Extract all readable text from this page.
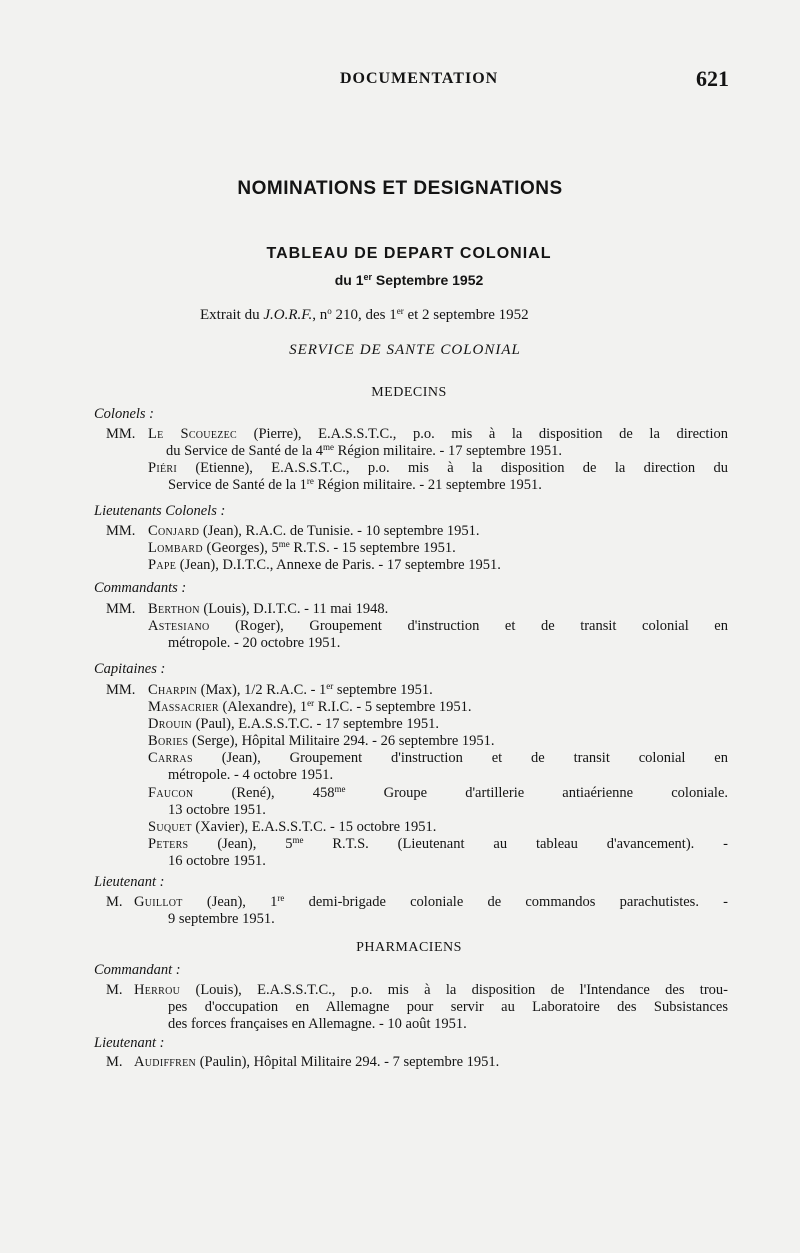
DOCUMENTATION	621
NOMINATIONS ET DESIGNATIONS
TABLEAU DE DEPART COLONIAL
du 1er Septembre 1952
Extrait du J.O.R.F., $n^o$ 210, des 1er et 2 septembre 1952
SERVICE DE SANTE COLONIAL
MEDECINS
Colonels :
MM. Le Scouezec (Pierre), E.A.S.S.T.C., p.o. mis à la disposition de la direction
du Service de Santé de la $4^{me}$ Région militaire. - 17 septembre 1951.
Piéri (Etienne), E.A.S.S.T.C., p.o. mis à la disposition de la direction du
Service de Santé de la 1re Région militaire. - 21 septembre 1951.
Lieutenants Colonels :
MM. Conjard (Jean), R.A.C. de Tunisie. - 10 septembre 1951.
Lombard (Georges), $5^{me}$ R.T.S. - 15 septembre 1951.
Pape (Jean), D.I.T.C., Annexe de Paris. - 17 septembre 1951.
Commandants :
MM. Berthon (Louis), D.I.T.C. - 11 mai 1948.
Astesiano (Roger), Groupement d'instruction et de transit colonial en
métropole. - 20 octobre 1951.
Capitaines :
MM. Charpin (Max), 1/2 R.A.C. - 1er septembre 1951.
Massacrier (Alexandre), 1er R.I.C. - 5 septembre 1951.
Drouin (Paul), E.A.S.S.T.C. - 17 septembre 1951.
Bories (Serge), Hôpital Militaire 294. - 26 septembre 1951.
Carras (Jean), Groupement d'instruction et de transit colonial en
métropole. - 4 octobre 1951.
Faucon (René), $458^{me}$ Groupe d'artillerie antiaérienne coloniale.
13 octobre 1951.
Suquet (Xavier), E.A.S.S.T.C. - 15 octobre 1951.
Peters (Jean), $5^{me}$ R.T.S. (Lieutenant au tableau d'avancement). -
16 octobre 1951.
Lieutenant :
M. Guillot (Jean), 1re demi-brigade coloniale de commandos parachutistes. -
9 septembre 1951.
PHARMACIENS
Commandant :
M. Herrou (Louis), E.A.S.S.T.C., p.o. mis à la disposition de l'Intendance des trou-
pes d'occupation en Allemagne pour servir au Laboratoire des Subsistances
des forces françaises en Allemagne. - 10 août 1951.
Lieutenant :
M. Audiffren (Paulin), Hôpital Militaire 294. - 7 septembre 1951.
